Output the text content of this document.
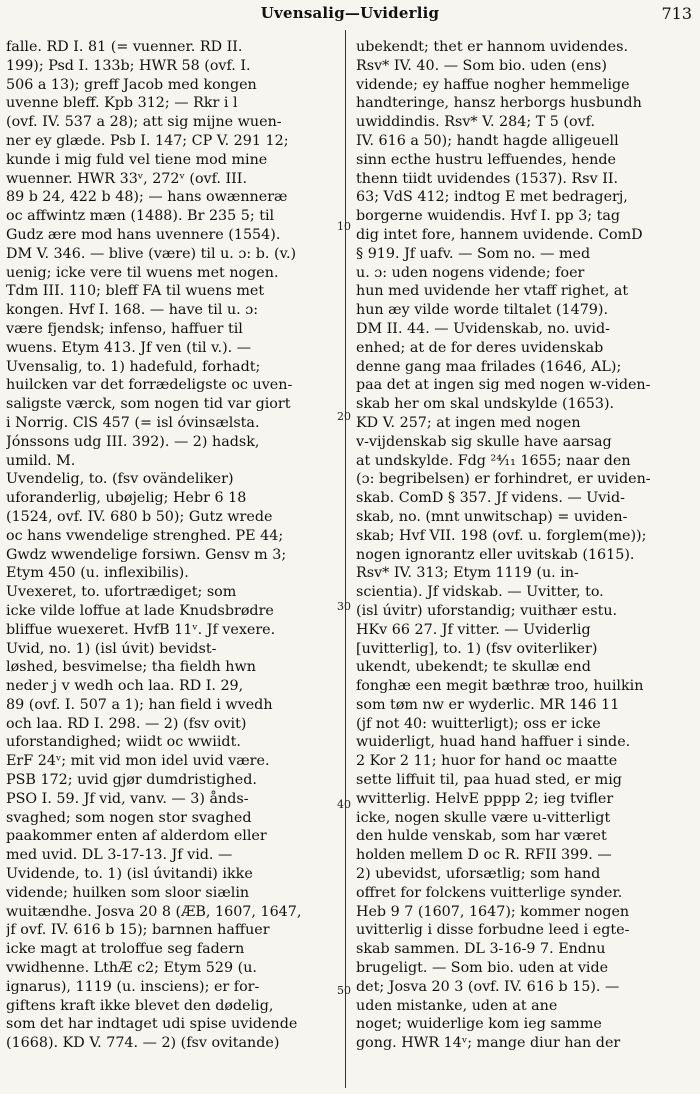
Uvensalig—Uviderlig	713
falle. RD I. 81 (= vuenner. RD II.
199); Psd I. 133b; HWR 58 (ovf. I.
506 a 13); greff Jacob med kongen
uvenne bleff. Kpb 312; — Rkr i l
(ovf. IV. 537 a 28); att sig mijne wuen-
ner ey glæde. Psb I. 147; CP V. 291 12;
kunde i mig fuld vel tiene mod mine
wuenner. HWR 33ᵛ, 272ᵛ (ovf. III.
89 b 24, 422 b 48); — hans owænneræ
oc affwintz mæn (1488). Br 235 5; til
Gudz ære mod hans uvennere (1554).
DM V. 346. — blive (være) til u. ɔ: b. (v.)
uenig; icke vere til wuens met nogen.
Tdm III. 110; bleff FA til wuens met
kongen. Hvf I. 168. — have til u. ɔ:
være fjendsk; infenso, haffuer til
wuens. Etym 413. Jf ven (til v.). —
Uvensalig, to. 1) hadefuld, forhadt;
huilcken var det forrædeligste oc uven-
saligste værck, som nogen tid var giort
i Norrig. ClS 457 (= isl óvinsælsta.
Jónssons udg III. 392). — 2) hadsk,
umild. M.
Uvendelig, to. (fsv ovändeliker)
uforanderlig, ubøjelig; Hebr 6 18
(1524, ovf. IV. 680 b 50); Gutz wrede
oc hans vwendelige strenghed. PE 44;
Gwdz wwendelige forsiwn. Gensv m 3;
Etym 450 (u. inflexibilis).
Uvexeret, to. ufortrædiget; som
icke vilde loffue at lade Knudsbrødre
bliffue wuexeret. HvfB 11ᵛ. Jf vexere.
Uvid, no. 1) (isl úvit) bevidst-
løshed, besvimelse; tha fieldh hwn
neder j v wedh och laa. RD I. 29,
89 (ovf. I. 507 a 1); han field i wvedh
och laa. RD I. 298. — 2) (fsv ovit)
uforstandighed; wiidt oc wwiidt.
ErF 24ᵛ; mit vid mon idel uvid være.
PSB 172; uvid gjør dumdristighed.
PSO I. 59. Jf vid, vanv. — 3) ånds-
svaghed; som nogen stor svaghed
paakommer enten af alderdom eller
med uvid. DL 3-17-13. Jf vid. —
Uvidende, to. 1) (isl úvitandi) ikke
vidende; huilken som sloor siælin
wuitændhe. Josva 20 8 (ÆB, 1607, 1647,
jf ovf. IV. 616 b 15); barnnen haffuer
icke magt at troloffue seg fadern
vwidhenne. LthÆ c2; Etym 529 (u.
ignarus), 1119 (u. insciens); er for-
giftens kraft ikke blevet den dødelig,
som det har indtaget udi spise uvidende
(1668). KD V. 774. — 2) (fsv ovitande)
ubekendt; thet er hannom uvidendes.
Rsv* IV. 40. — Som bio. uden (ens)
vidende; ey haffue nogher hemmelige
handteringe, hansz herborgs husbundh
uwiddindis. Rsv* V. 284; T 5 (ovf.
IV. 616 a 50); handt hagde alligeuell
sinn ecthe hustru leffuendes, hende
thenn tiidt uvidendes (1537). Rsv II.
63; VdS 412; indtog E met bedragerj,
borgerne wuidendis. Hvf I. pp 3; tag
dig intet fore, hannem uvidende. ComD
§ 919. Jf uafv. — Som no. — med
u. ɔ: uden nogens vidende; foer
hun med uvidende her vtaff righet, at
hun æy vilde worde tiltalet (1479).
DM II. 44. — Uvidenskab, no. uvid-
enhed; at de for deres uvidenskab
denne gang maa frilades (1646, AL);
paa det at ingen sig med nogen w-viden-
skab her om skal undskylde (1653).
KD V. 257; at ingen med nogen
v-vijdenskab sig skulle have aarsag
at undskylde. Fdg ²⁴⁄₁₁ 1655; naar den
(ɔ: begribelsen) er forhindret, er uviden-
skab. ComD § 357. Jf videns. — Uvid-
skab, no. (mnt unwitschap) = uviden-
skab; Hvf VII. 198 (ovf. u. forglem(me));
nogen ignorantz eller uvitskab (1615).
Rsv* IV. 313; Etym 1119 (u. in-
scientia). Jf vidskab. — Uvitter, to.
(isl úvitr) uforstandig; vuithær estu.
HKv 66 27. Jf vitter. — Uviderlig
[uvitterlig], to. 1) (fsv oviterliker)
ukendt, ubekendt; te skullæ end
fonghæ een megit bæthræ troo, huilkin
som tøm nw er wyderlic. MR 146 11
(jf not 40: wuitterligt); oss er icke
wuiderligt, huad hand haffuer i sinde.
2 Kor 2 11; huor for hand oc maatte
sette liffuit til, paa huad sted, er mig
wvitterlig. HelvE pppp 2; ieg tvifler
icke, nogen skulle være u-vitterligt
den hulde venskab, som har været
holden mellem D oc R. RFII 399. —
2) ubevidst, uforsætlig; som hand
offret for folckens vuitterlige synder.
Heb 9 7 (1607, 1647); kommer nogen
uvitterlig i disse forbudne leed i egte-
skab sammen. DL 3-16-9 7. Endnu
brugeligt. — Som bio. uden at vide
det; Josva 20 3 (ovf. IV. 616 b 15). —
uden mistanke, uden at ane
noget; wuiderlige kom ieg samme
gong. HWR 14ᵛ; mange diur han der
10
20
30
40
50
